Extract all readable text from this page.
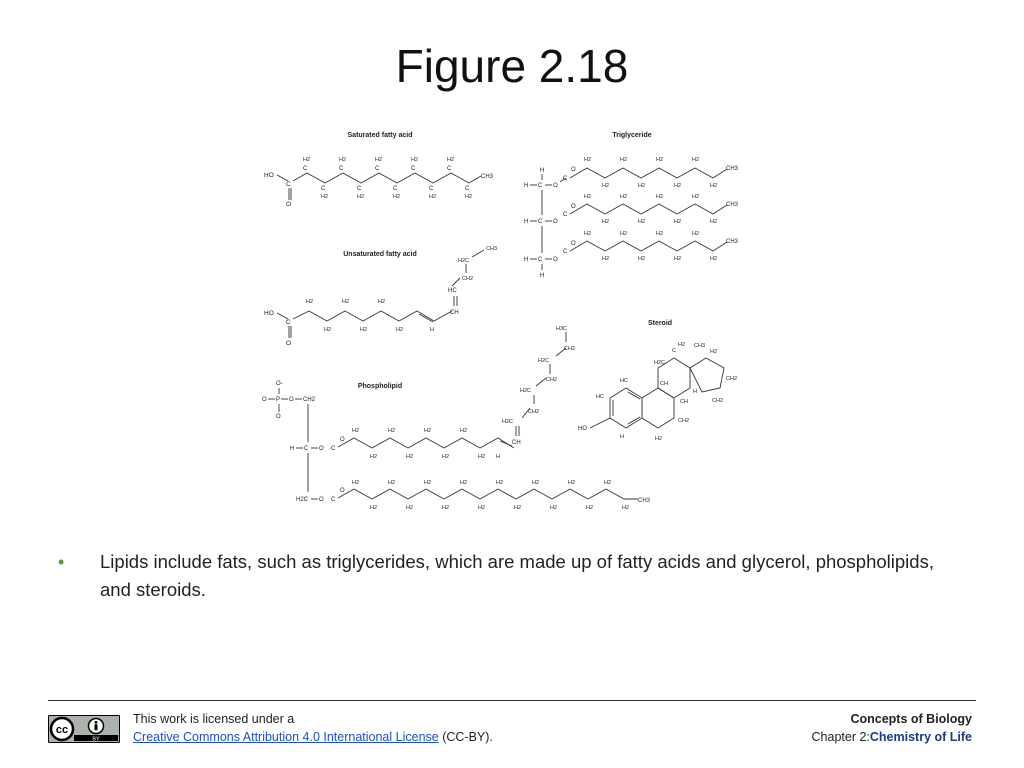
Figure 2.18
Saturated fatty acid	Triglyceride
Unsaturated fatty acid
Steroid
Phospholipid
HO
C
O
C
H2
C
H2
C
H2
C
H2
C
H2
C
H2
C
H2
C
H2
C
H2
C
H2
CH3
H
H C O
H C O
H C O
H
C
O
H2
H2
H2
H2
H2
H2
H2
H2
CH3
C
O
H2
H2
H2
H2
H2
H2
H2
H2
CH3
C
O
H2
H2
H2
H2
H2
H2
H2
H2
CH3
HO
C
O
H2
H2
H2
H2
H2
H2	H
CH
HC
CH2
H2C
CH3
HO
HC
HC
H	H2
CH2
CH
CH
H2C
C
H2 CH3
H2
CH2
CH2
H
O-
O P O CH2
O
H C O
H2C O
C
O
H2
H2
H2
H2
H2
H2
H2
H2 H
CH
H2C
CH2
H2C
CH2
H2C
CH2
H3C
C
O
H2
H2
H2
H2
H2
H2
H2
H2
H2
H2
H2
H2
H2
H2
H2
H2
CH3
• Lipids include fats, such as triglycerides, which are made up of fatty acids and glycerol, phospholipids, and steroids.
cc
BY
This work is licensed under a
Creative Commons Attribution 4.0 International License (CC-BY).
Concepts of Biology
Chapter 2:Chemistry of Life
